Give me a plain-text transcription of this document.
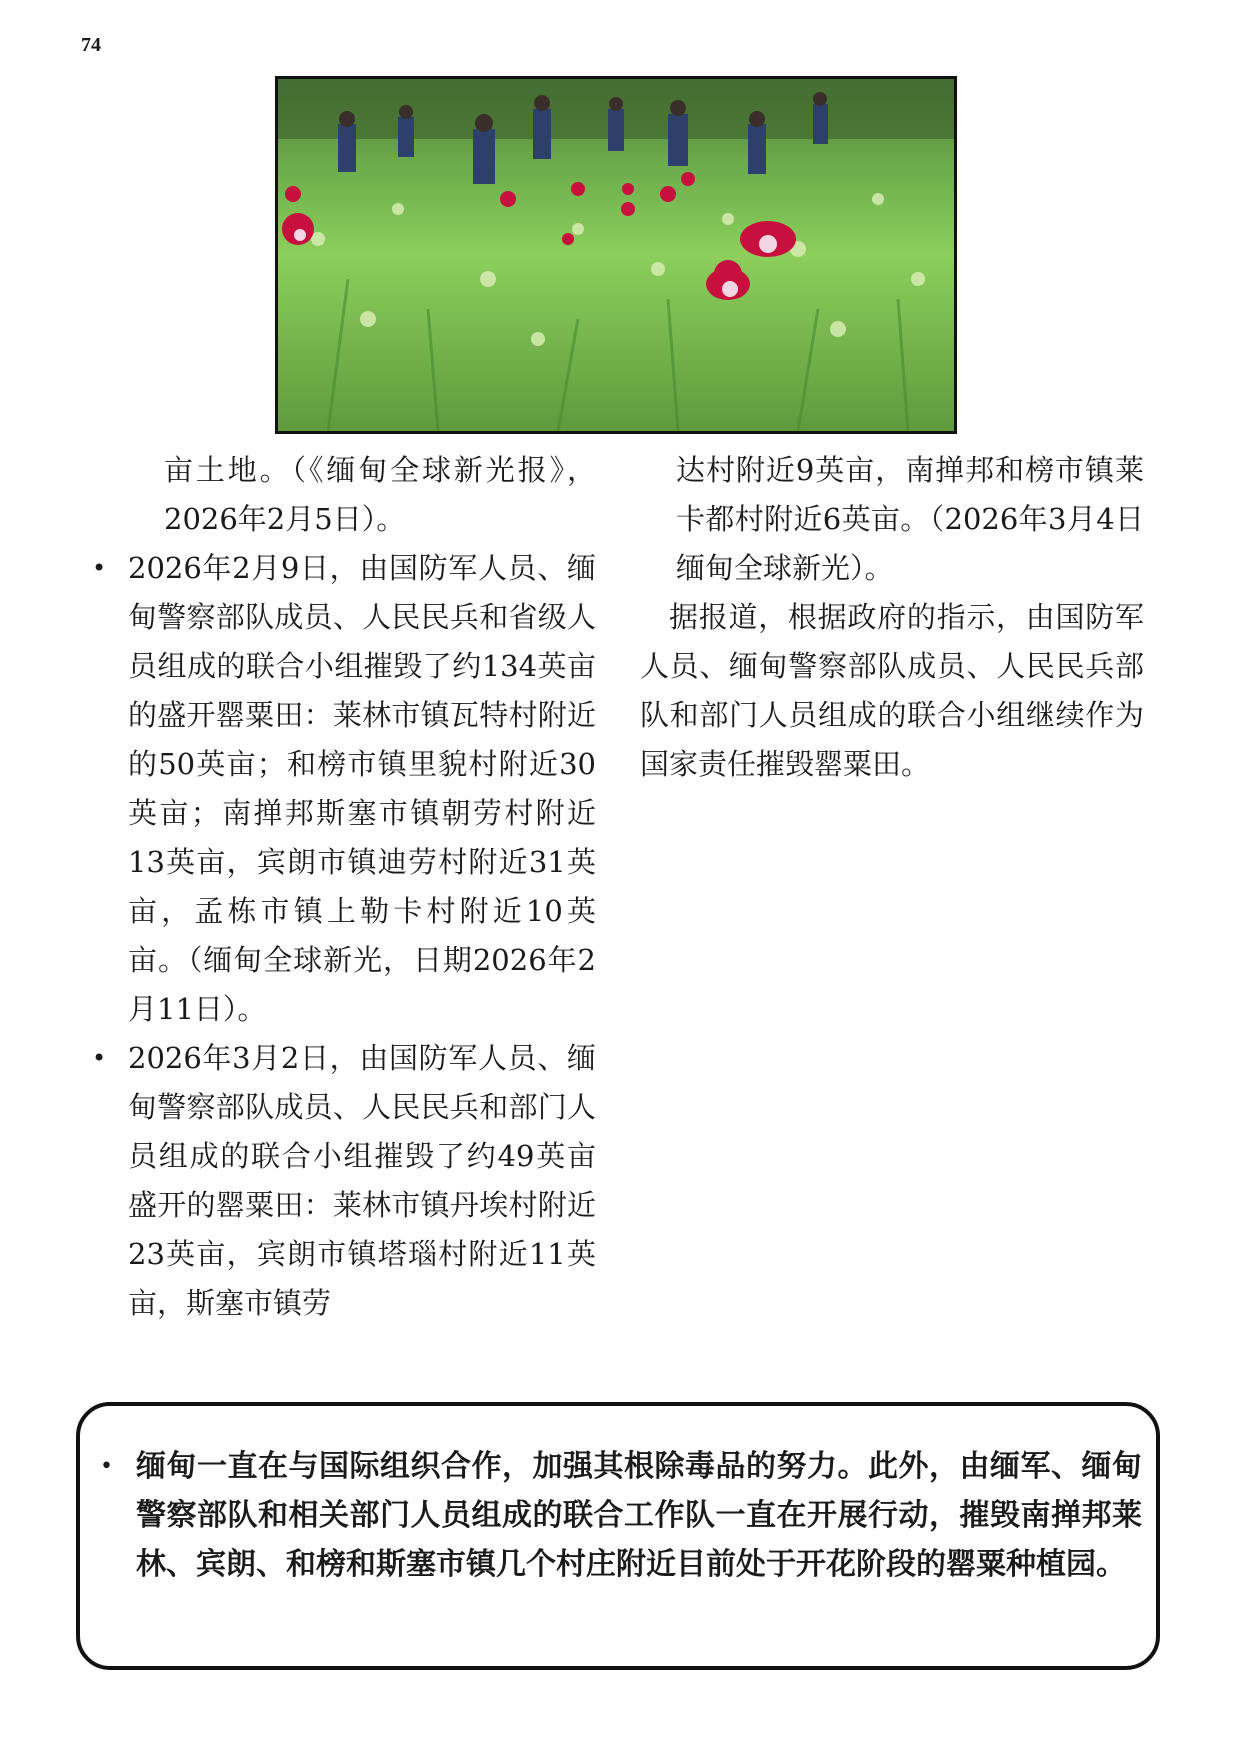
74

亩土地。（《缅甸全球新光报》，2026年2月5日）。

• 2026年2月9日，由国防军人员、缅甸警察部队成员、人民民兵和省级人员组成的联合小组摧毁了约134英亩的盛开罂粟田：莱林市镇瓦特村附近的50英亩；和榜市镇里貌村附近30英亩；南掸邦斯塞市镇朝劳村附近13英亩，宾朗市镇迪劳村附近31英亩，孟栋市镇上勒卡村附近10英亩。（缅甸全球新光，日期2026年2月11日）。
• 2026年3月2日，由国防军人员、缅甸警察部队成员、人民民兵和部门人员组成的联合小组摧毁了约49英亩盛开的罂粟田：莱林市镇丹埃村附近23英亩，宾朗市镇塔瑙村附近11英亩，斯塞市镇劳

达村附近9英亩，南掸邦和榜市镇莱卡都村附近6英亩。（2026年3月4日缅甸全球新光）。

据报道，根据政府的指示，由国防军人员、缅甸警察部队成员、人民民兵部队和部门人员组成的联合小组继续作为国家责任摧毁罂粟田。

• 缅甸一直在与国际组织合作，加强其根除毒品的努力。此外，由缅军、缅甸警察部队和相关部门人员组成的联合工作队一直在开展行动，摧毁南掸邦莱林、宾朗、和榜和斯塞市镇几个村庄附近目前处于开花阶段的罂粟种植园。
